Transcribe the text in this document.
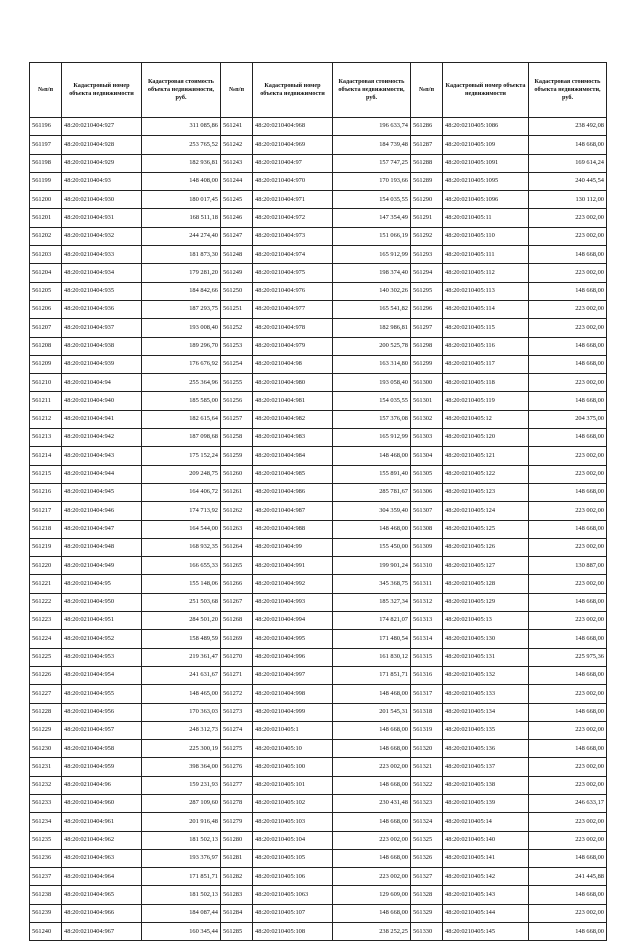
№п/п	Кадастровый номер объекта недвижимости	Кадастровая стоимость объекта недвижимости, руб.
561196	48:20:0210404:927	311 085,86
561197	48:20:0210404:928	253 765,52
561198	48:20:0210404:929	182 936,81
561199	48:20:0210404:93	148 408,00
561200	48:20:0210404:930	180 017,45
561201	48:20:0210404:931	168 511,18
561202	48:20:0210404:932	244 274,40
561203	48:20:0210404:933	181 873,30
561204	48:20:0210404:934	179 281,20
561205	48:20:0210404:935	184 842,66
561206	48:20:0210404:936	187 293,75
561207	48:20:0210404:937	193 008,40
561208	48:20:0210404:938	189 296,70
561209	48:20:0210404:939	176 676,92
561210	48:20:0210404:94	255 364,96
561211	48:20:0210404:940	185 585,00
561212	48:20:0210404:941	182 615,64
561213	48:20:0210404:942	187 098,68
561214	48:20:0210404:943	175 152,24
561215	48:20:0210404:944	209 248,75
561216	48:20:0210404:945	164 406,72
561217	48:20:0210404:946	174 713,92
561218	48:20:0210404:947	164 544,00
561219	48:20:0210404:948	168 932,35
561220	48:20:0210404:949	166 655,33
561221	48:20:0210404:95	155 148,06
561222	48:20:0210404:950	251 503,68
561223	48:20:0210404:951	284 501,20
561224	48:20:0210404:952	158 489,59
561225	48:20:0210404:953	219 361,47
561226	48:20:0210404:954	241 631,67
561227	48:20:0210404:955	148 465,00
561228	48:20:0210404:956	170 363,03
561229	48:20:0210404:957	248 312,73
561230	48:20:0210404:958	225 300,19
561231	48:20:0210404:959	398 364,00
561232	48:20:0210404:96	159 231,93
561233	48:20:0210404:960	287 109,60
561234	48:20:0210404:961	201 916,48
561235	48:20:0210404:962	181 502,13
561236	48:20:0210404:963	193 376,97
561237	48:20:0210404:964	171 851,71
561238	48:20:0210404:965	181 502,13
561239	48:20:0210404:966	184 087,44
561240	48:20:0210404:967	160 345,44
№п/п	Кадастровый номер объекта недвижимости	Кадастровая стоимость объекта недвижимости, руб.
561241	48:20:0210404:968	196 633,74
561242	48:20:0210404:969	184 739,48
561243	48:20:0210404:97	157 747,25
561244	48:20:0210404:970	170 193,66
561245	48:20:0210404:971	154 035,55
561246	48:20:0210404:972	147 354,49
561247	48:20:0210404:973	151 066,19
561248	48:20:0210404:974	165 912,99
561249	48:20:0210404:975	198 374,40
561250	48:20:0210404:976	140 302,26
561251	48:20:0210404:977	165 541,82
561252	48:20:0210404:978	182 986,81
561253	48:20:0210404:979	200 525,78
561254	48:20:0210404:98	163 314,80
561255	48:20:0210404:980	193 058,40
561256	48:20:0210404:981	154 035,55
561257	48:20:0210404:982	157 376,08
561258	48:20:0210404:983	165 912,99
561259	48:20:0210404:984	148 468,00
561260	48:20:0210404:985	155 891,40
561261	48:20:0210404:986	285 781,67
561262	48:20:0210404:987	304 359,40
561263	48:20:0210404:988	148 468,00
561264	48:20:0210404:99	155 450,00
561265	48:20:0210404:991	199 901,24
561266	48:20:0210404:992	345 368,75
561267	48:20:0210404:993	185 327,34
561268	48:20:0210404:994	174 821,07
561269	48:20:0210404:995	171 480,54
561270	48:20:0210404:996	161 830,12
561271	48:20:0210404:997	171 851,71
561272	48:20:0210404:998	148 468,00
561273	48:20:0210404:999	201 545,31
561274	48:20:0210405:1	148 668,00
561275	48:20:0210405:10	148 668,00
561276	48:20:0210405:100	223 002,00
561277	48:20:0210405:101	148 668,00
561278	48:20:0210405:102	230 431,48
561279	48:20:0210405:103	148 668,00
561280	48:20:0210405:104	223 002,00
561281	48:20:0210405:105	148 668,00
561282	48:20:0210405:106	223 002,00
561283	48:20:0210405:1063	129 609,00
561284	48:20:0210405:107	148 668,00
561285	48:20:0210405:108	238 252,25
№п/п	Кадастровый номер объекта недвижимости	Кадастровая стоимость объекта недвижимости, руб.
561286	48:20:0210405:1086	238 492,08
561287	48:20:0210405:109	148 668,00
561288	48:20:0210405:1091	169 614,24
561289	48:20:0210405:1095	240 445,54
561290	48:20:0210405:1096	130 112,00
561291	48:20:0210405:11	223 002,00
561292	48:20:0210405:110	223 002,00
561293	48:20:0210405:111	148 668,00
561294	48:20:0210405:112	223 002,00
561295	48:20:0210405:113	148 668,00
561296	48:20:0210405:114	223 002,00
561297	48:20:0210405:115	223 002,00
561298	48:20:0210405:116	148 668,00
561299	48:20:0210405:117	148 668,00
561300	48:20:0210405:118	223 002,00
561301	48:20:0210405:119	148 668,00
561302	48:20:0210405:12	204 375,00
561303	48:20:0210405:120	148 668,00
561304	48:20:0210405:121	223 002,00
561305	48:20:0210405:122	223 002,00
561306	48:20:0210405:123	148 668,00
561307	48:20:0210405:124	223 002,00
561308	48:20:0210405:125	148 668,00
561309	48:20:0210405:126	223 002,00
561310	48:20:0210405:127	130 887,00
561311	48:20:0210405:128	223 002,00
561312	48:20:0210405:129	148 668,00
561313	48:20:0210405:13	223 002,00
561314	48:20:0210405:130	148 668,00
561315	48:20:0210405:131	225 975,36
561316	48:20:0210405:132	148 668,00
561317	48:20:0210405:133	223 002,00
561318	48:20:0210405:134	148 668,00
561319	48:20:0210405:135	223 002,00
561320	48:20:0210405:136	148 668,00
561321	48:20:0210405:137	223 002,00
561322	48:20:0210405:138	223 002,00
561323	48:20:0210405:139	246 633,17
561324	48:20:0210405:14	223 002,00
561325	48:20:0210405:140	223 002,00
561326	48:20:0210405:141	148 668,00
561327	48:20:0210405:142	241 445,88
561328	48:20:0210405:143	148 668,00
561329	48:20:0210405:144	223 002,00
561330	48:20:0210405:145	148 668,00
